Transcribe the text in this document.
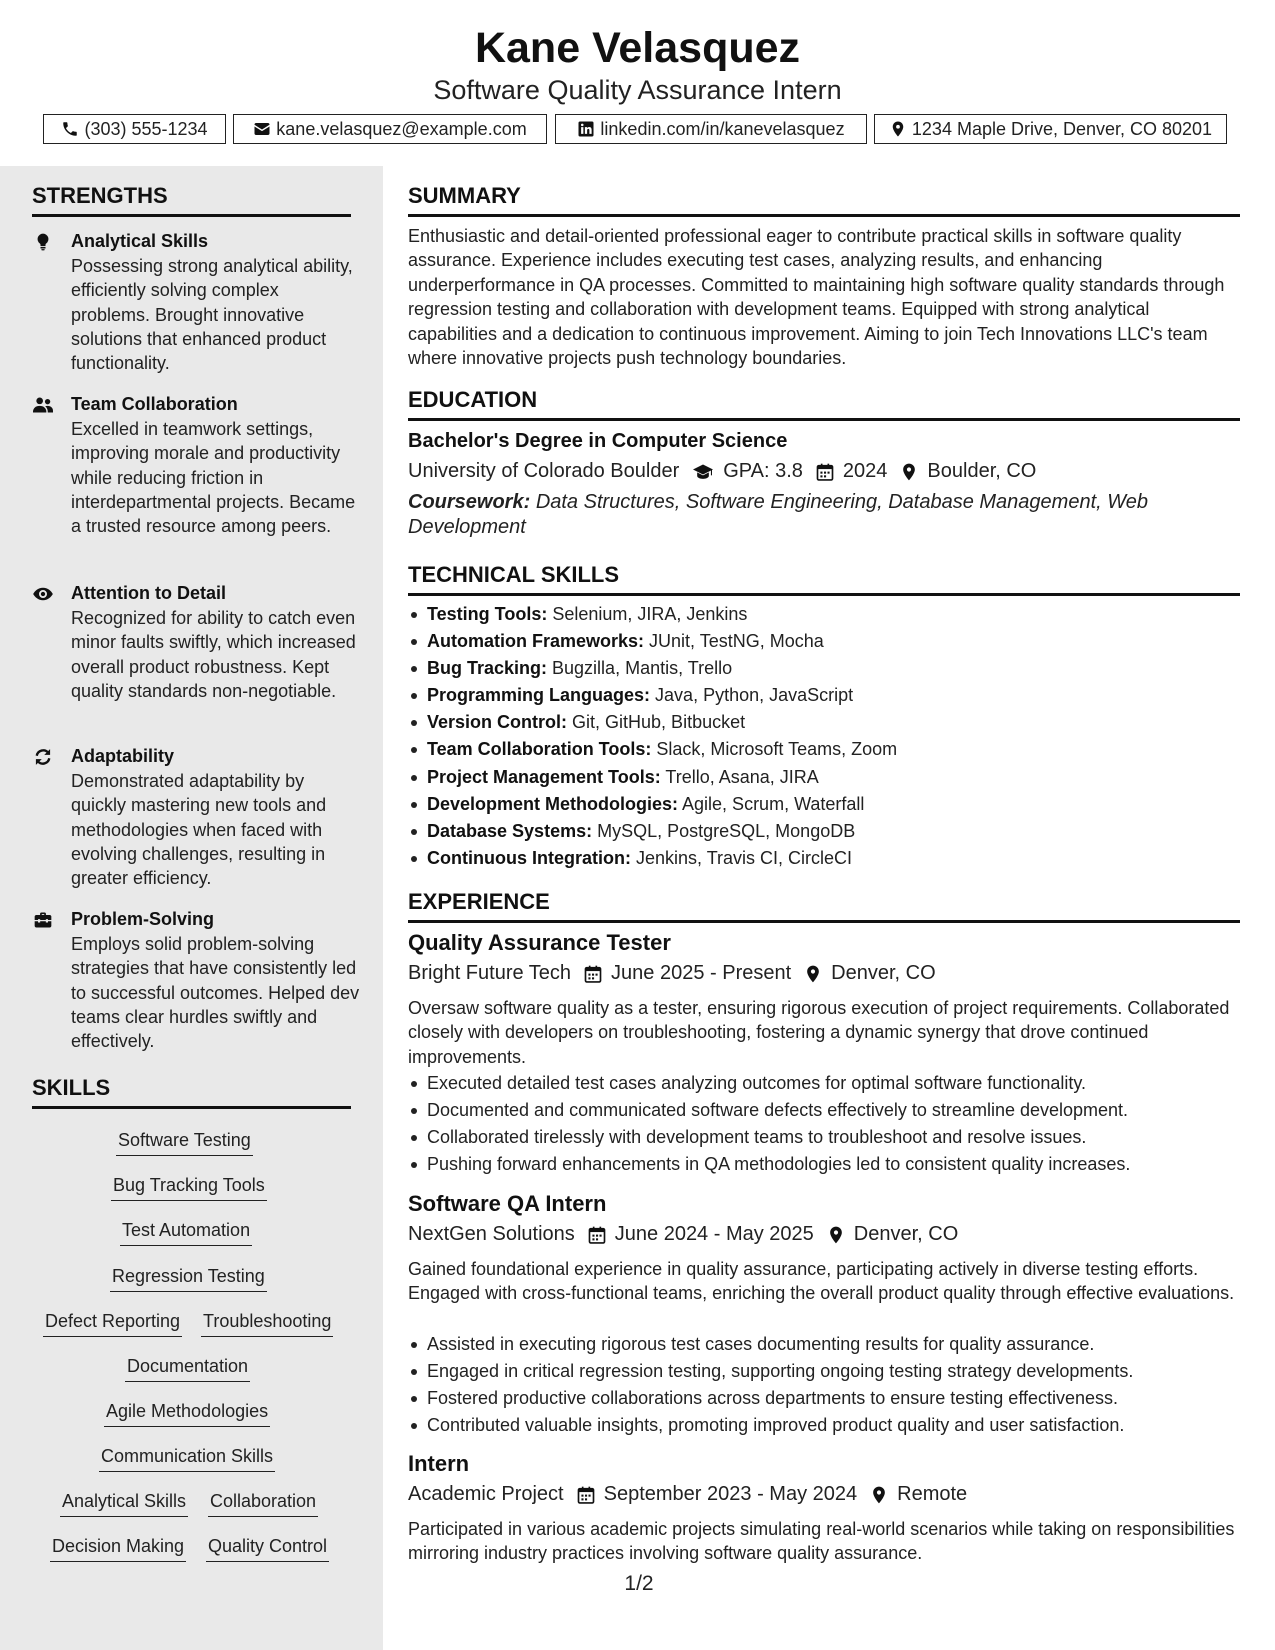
Kane Velasquez
Software Quality Assurance Intern
(303) 555-1234	kane.velasquez@example.com	linkedin.com/in/kanevelasquez	1234 Maple Drive, Denver, CO 80201
STRENGTHS
Analytical Skills
Possessing strong analytical ability, efficiently solving complex problems. Brought innovative solutions that enhanced product functionality.
Team Collaboration
Excelled in teamwork settings, improving morale and productivity while reducing friction in interdepartmental projects. Became a trusted resource among peers.
Attention to Detail
Recognized for ability to catch even minor faults swiftly, which increased overall product robustness. Kept quality standards non-negotiable.
Adaptability
Demonstrated adaptability by quickly mastering new tools and methodologies when faced with evolving challenges, resulting in greater efficiency.
Problem-Solving
Employs solid problem-solving strategies that have consistently led to successful outcomes. Helped dev teams clear hurdles swiftly and effectively.
SKILLS
Software Testing
Bug Tracking Tools
Test Automation
Regression Testing
Defect Reporting Troubleshooting
Documentation
Agile Methodologies
Communication Skills
Analytical Skills Collaboration
Decision Making Quality Control
SUMMARY
Enthusiastic and detail-oriented professional eager to contribute practical skills in software quality assurance. Experience includes executing test cases, analyzing results, and enhancing underperformance in QA processes. Committed to maintaining high software quality standards through regression testing and collaboration with development teams. Equipped with strong analytical capabilities and a dedication to continuous improvement. Aiming to join Tech Innovations LLC's team where innovative projects push technology boundaries.
EDUCATION
Bachelor's Degree in Computer Science
University of Colorado Boulder GPA: 3.8 2024 Boulder, CO
Coursework: Data Structures, Software Engineering, Database Management, Web Development
TECHNICAL SKILLS
Testing Tools: Selenium, JIRA, Jenkins
Automation Frameworks: JUnit, TestNG, Mocha
Bug Tracking: Bugzilla, Mantis, Trello
Programming Languages: Java, Python, JavaScript
Version Control: Git, GitHub, Bitbucket
Team Collaboration Tools: Slack, Microsoft Teams, Zoom
Project Management Tools: Trello, Asana, JIRA
Development Methodologies: Agile, Scrum, Waterfall
Database Systems: MySQL, PostgreSQL, MongoDB
Continuous Integration: Jenkins, Travis CI, CircleCI
EXPERIENCE
Quality Assurance Tester
Bright Future Tech June 2025 - Present Denver, CO
Oversaw software quality as a tester, ensuring rigorous execution of project requirements. Collaborated closely with developers on troubleshooting, fostering a dynamic synergy that drove continued improvements.
Executed detailed test cases analyzing outcomes for optimal software functionality.
Documented and communicated software defects effectively to streamline development.
Collaborated tirelessly with development teams to troubleshoot and resolve issues.
Pushing forward enhancements in QA methodologies led to consistent quality increases.
Software QA Intern
NextGen Solutions June 2024 - May 2025 Denver, CO
Gained foundational experience in quality assurance, participating actively in diverse testing efforts. Engaged with cross-functional teams, enriching the overall product quality through effective evaluations.
Assisted in executing rigorous test cases documenting results for quality assurance.
Engaged in critical regression testing, supporting ongoing testing strategy developments.
Fostered productive collaborations across departments to ensure testing effectiveness.
Contributed valuable insights, promoting improved product quality and user satisfaction.
Intern
Academic Project September 2023 - May 2024 Remote
Participated in various academic projects simulating real-world scenarios while taking on responsibilities mirroring industry practices involving software quality assurance.
1/2
